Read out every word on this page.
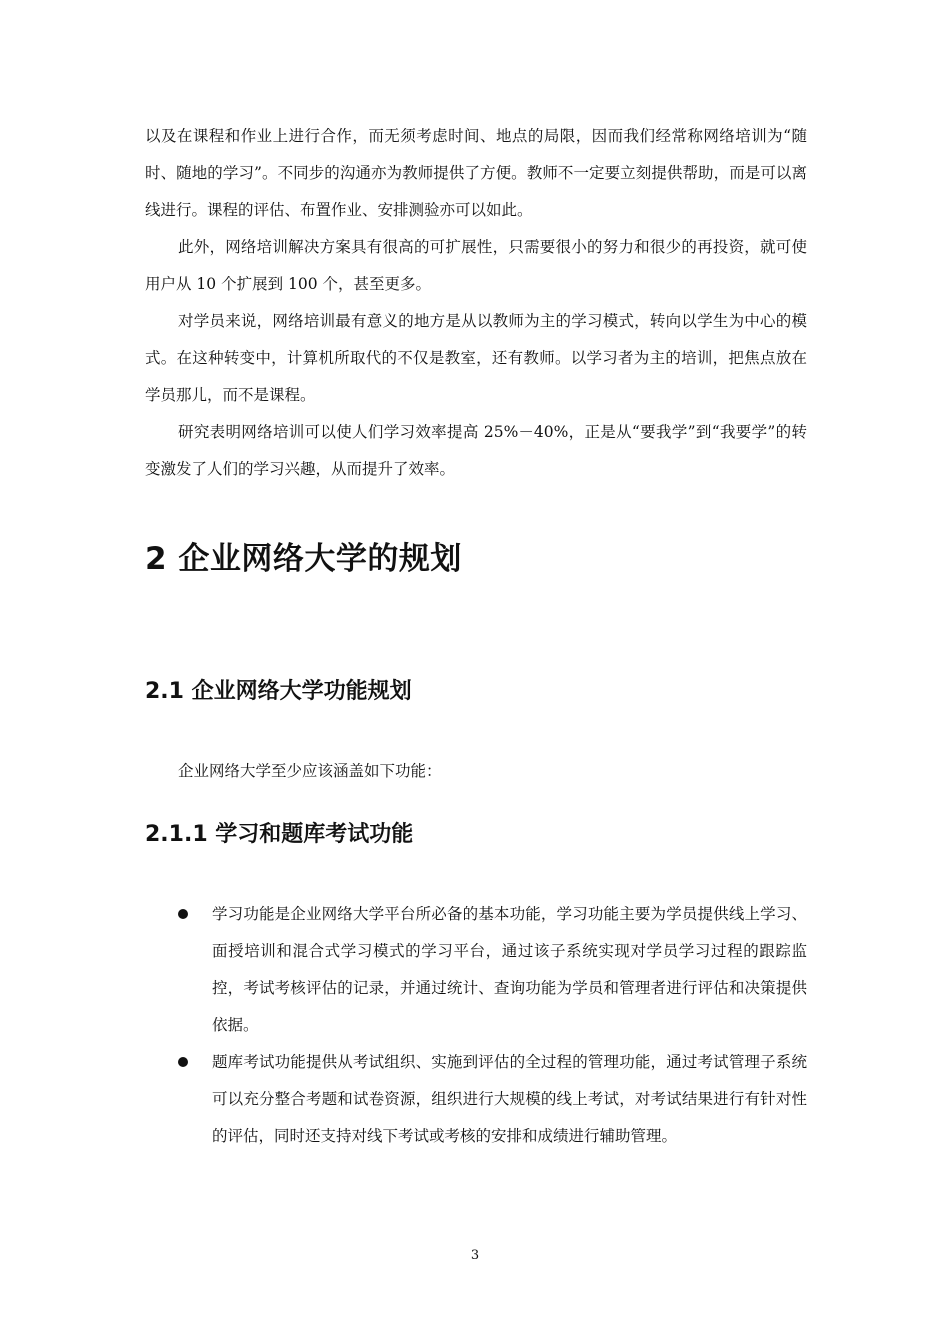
以及在课程和作业上进行合作，而无须考虑时间、地点的局限，因而我们经常称网络培训为“随时、随地的学习”。不同步的沟通亦为教师提供了方便。教师不一定要立刻提供帮助，而是可以离线进行。课程的评估、布置作业、安排测验亦可以如此。

此外，网络培训解决方案具有很高的可扩展性，只需要很小的努力和很少的再投资，就可使用户从 10 个扩展到 100 个，甚至更多。

对学员来说，网络培训最有意义的地方是从以教师为主的学习模式，转向以学生为中心的模式。在这种转变中，计算机所取代的不仅是教室，还有教师。以学习者为主的培训，把焦点放在学员那儿，而不是课程。

研究表明网络培训可以使人们学习效率提高 25%－40%，正是从“要我学”到“我要学”的转变激发了人们的学习兴趣，从而提升了效率。

2 企业网络大学的规划
2.1 企业网络大学功能规划

企业网络大学至少应该涵盖如下功能：

2.1.1 学习和题库考试功能
学习功能是企业网络大学平台所必备的基本功能，学习功能主要为学员提供线上学习、面授培训和混合式学习模式的学习平台，通过该子系统实现对学员学习过程的跟踪监控，考试考核评估的记录，并通过统计、查询功能为学员和管理者进行评估和决策提供依据。
题库考试功能提供从考试组织、实施到评估的全过程的管理功能，通过考试管理子系统可以充分整合考题和试卷资源，组织进行大规模的线上考试，对考试结果进行有针对性的评估，同时还支持对线下考试或考核的安排和成绩进行辅助管理。
3
